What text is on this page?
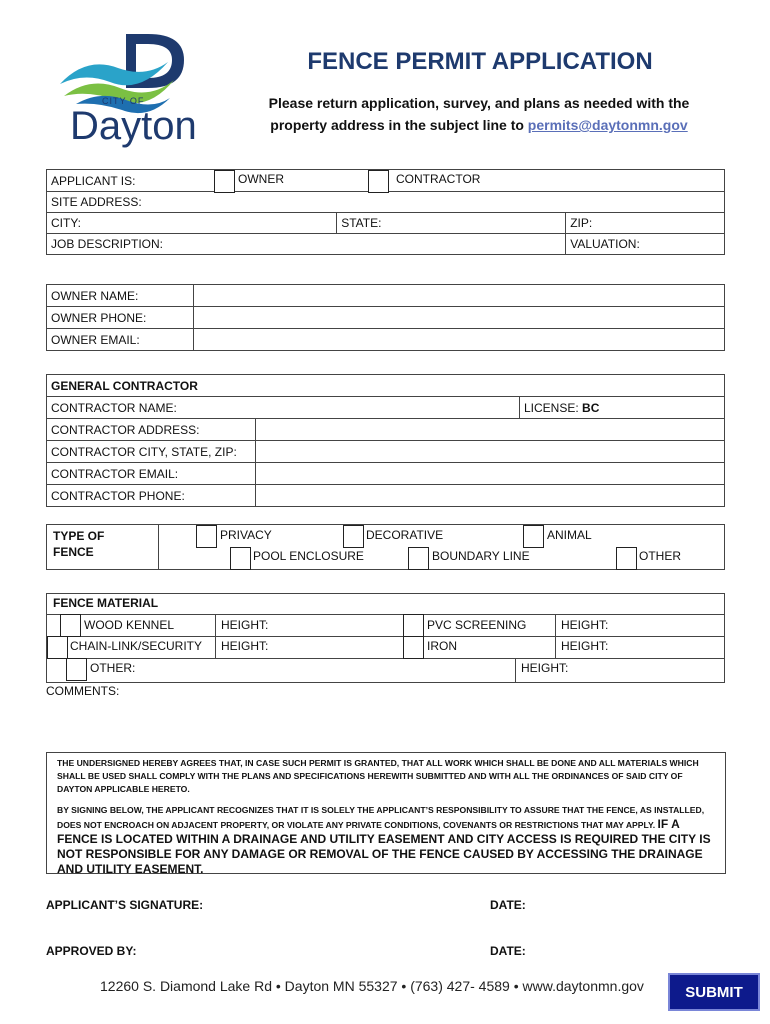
CITY OF
Dayton
FENCE PERMIT APPLICATION
Please return application, survey, and plans as needed with the
property address in the subject line to permits@daytonmn.gov
APPLICANT IS:	OWNER CONTRACTOR		

SITE ADDRESS:			
CITY:		STATE:	ZIP:
JOB DESCRIPTION:			VALUATION:
OWNER NAME:	
OWNER PHONE:	
OWNER EMAIL:	
GENERAL CONTRACTOR		
CONTRACTOR NAME:		LICENSE: BC
CONTRACTOR ADDRESS:		
CONTRACTOR CITY, STATE, ZIP:		
CONTRACTOR EMAIL:		
CONTRACTOR PHONE:		
TYPE OF
FENCE
PRIVACY	DECORATIVE	ANIMAL
POOL ENCLOSURE	BOUNDARY LINE	OTHER
FENCE MATERIAL
WOOD KENNEL	HEIGHT:	PVC SCREENING	HEIGHT:
CHAIN-LINK/SECURITY HEIGHT:	IRON	HEIGHT:
OTHER:	HEIGHT:
COMMENTS:
THE UNDERSIGNED HEREBY AGREES THAT, IN CASE SUCH PERMIT IS GRANTED, THAT ALL WORK WHICH SHALL BE DONE AND ALL MATERIALS WHICH SHALL BE USED SHALL COMPLY WITH THE PLANS AND SPECIFICATIONS HEREWITH SUBMITTED AND WITH ALL THE ORDINANCES OF SAID CITY OF DAYTON APPLICABLE HERETO.
BY SIGNING BELOW, THE APPLICANT RECOGNIZES THAT IT IS SOLELY THE APPLICANT’S RESPONSIBILITY TO ASSURE THAT THE FENCE, AS INSTALLED, DOES NOT ENCROACH ON ADJACENT PROPERTY, OR VIOLATE ANY PRIVATE CONDITIONS, COVENANTS OR RESTRICTIONS THAT MAY APPLY. IF A FENCE IS LOCATED WITHIN A DRAINAGE AND UTILITY EASEMENT AND CITY ACCESS IS REQUIRED THE CITY IS NOT RESPONSIBLE FOR ANY DAMAGE OR REMOVAL OF THE FENCE CAUSED BY ACCESSING THE DRAINAGE AND UTILITY EASEMENT.
APPLICANT’S SIGNATURE:	DATE:
APPROVED BY:	DATE:
12260 S. Diamond Lake Rd • Dayton MN 55327 • (763) 427- 4589 • www.daytonmn.gov	SUBMIT
